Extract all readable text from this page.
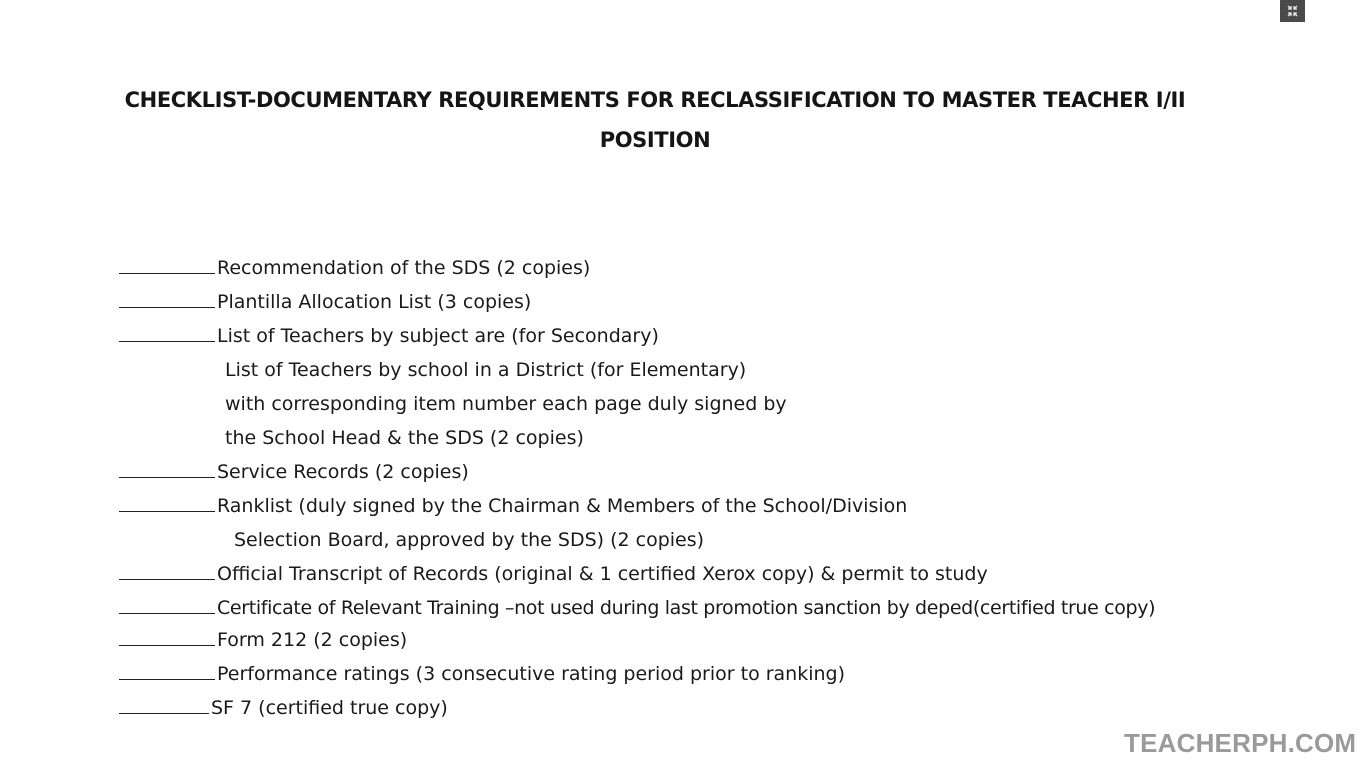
CHECKLIST-DOCUMENTARY REQUIREMENTS FOR RECLASSIFICATION TO MASTER TEACHER I/II
POSITION
Recommendation of the SDS (2 copies)
Plantilla Allocation List (3 copies)
List of Teachers by subject are (for Secondary)
List of Teachers by school in a District (for Elementary)
with corresponding item number each page duly signed by
the School Head & the SDS (2 copies)
Service Records (2 copies)
Ranklist (duly signed by the Chairman & Members of the School/Division
Selection Board, approved by the SDS) (2 copies)
Official Transcript of Records (original & 1 certified Xerox copy) & permit to study
Certificate of Relevant Training –not used during last promotion sanction by deped(certified true copy)
Form 212 (2 copies)
Performance ratings (3 consecutive rating period prior to ranking)
SF 7 (certified true copy)
TEACHERPH.COM
